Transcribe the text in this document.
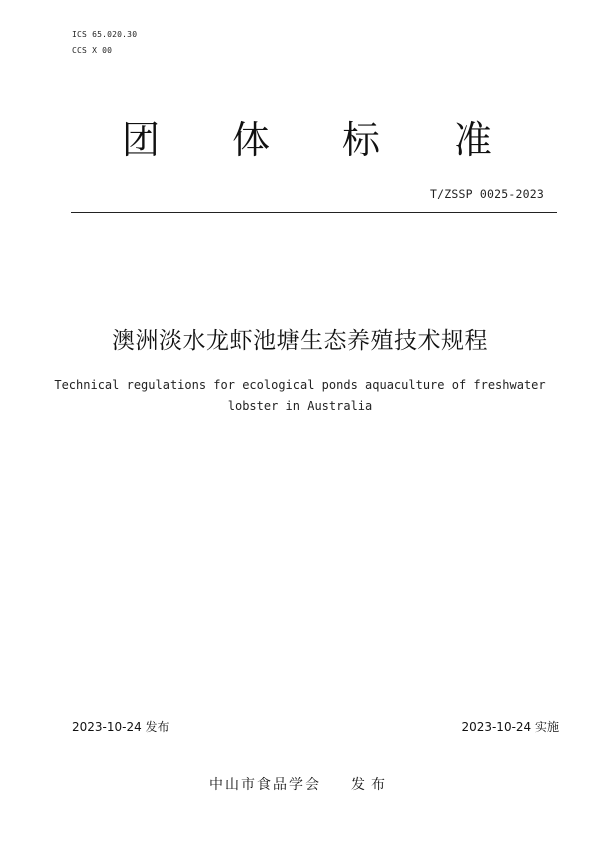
ICS 65.020.30
CCS X 00
团 体 标 准
T/ZSSP 0025-2023
澳洲淡水龙虾池塘生态养殖技术规程
Technical regulations for ecological ponds aquaculture of freshwater
lobster in Australia
2023-10-24 发布	2023-10-24 实施
中山市食品学会 发布
